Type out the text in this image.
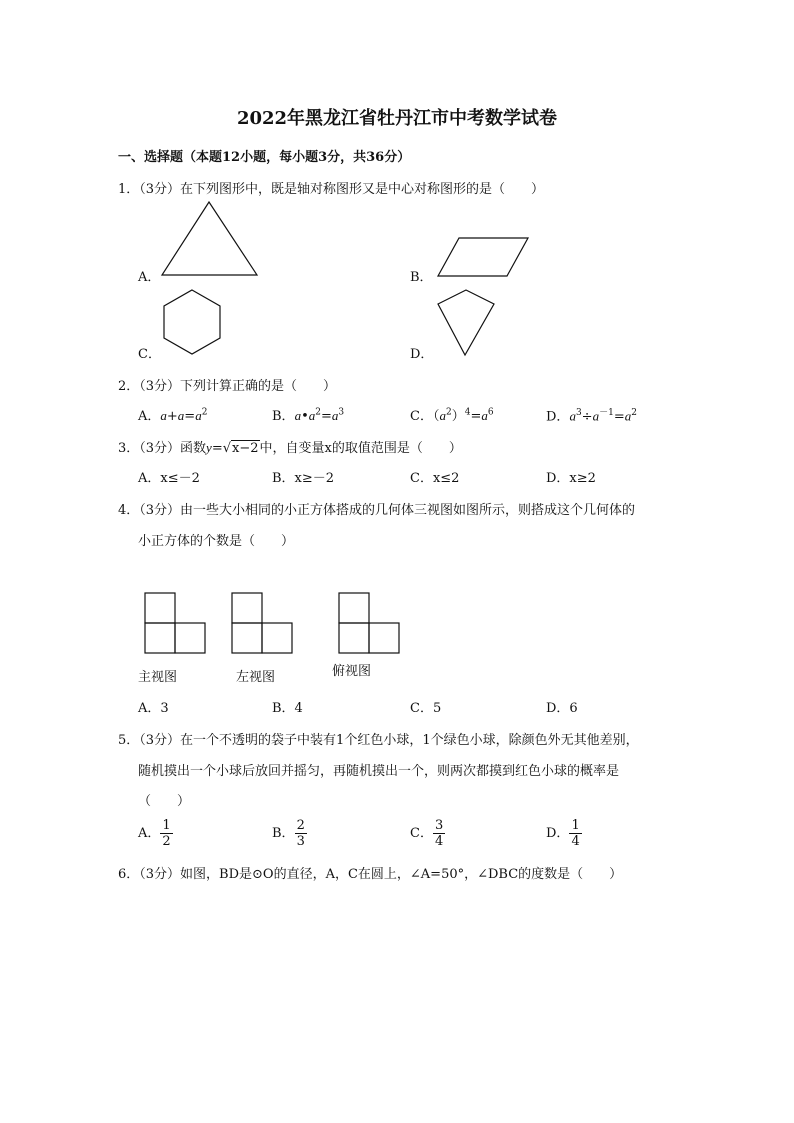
2022年黑龙江省牡丹江市中考数学试卷
一、选择题（本题12小题，每小题3分，共36分）
1．（3分）在下列图形中，既是轴对称图形又是中心对称图形的是（　　）
A．	B．
C．	D．
2．（3分）下列计算正确的是（　　）
A．$a+a=a^2$	B．$a•a^2=a^3$	C．$(a^2)^4=a^6$	D．$a^3\div a^{-1}=a^2$
3．（3分）函数y=√x−2中，自变量x的取值范围是（　　）
A．x≤－2	B．x≥－2	C．x≤2	D．x≥2
4．（3分）由一些大小相同的小正方体搭成的几何体三视图如图所示，则搭成这个几何体的
小正方体的个数是（　　）
主视图	左视图	俯视图
A．3	B．4	C．5	D．6
5．（3分）在一个不透明的袋子中装有1个红色小球，1个绿色小球，除颜色外无其他差别，
随机摸出一个小球后放回并摇匀，再随机摸出一个，则两次都摸到红色小球的概率是
（　　）
A． $\frac{1}{2}$	B． $\frac{2}{3}$	C． $\frac{3}{4}$	D． $\frac{1}{4}$
6．（3分）如图，BD是⊙O的直径，A，C在圆上，∠A=50°，∠DBC的度数是（　　）
